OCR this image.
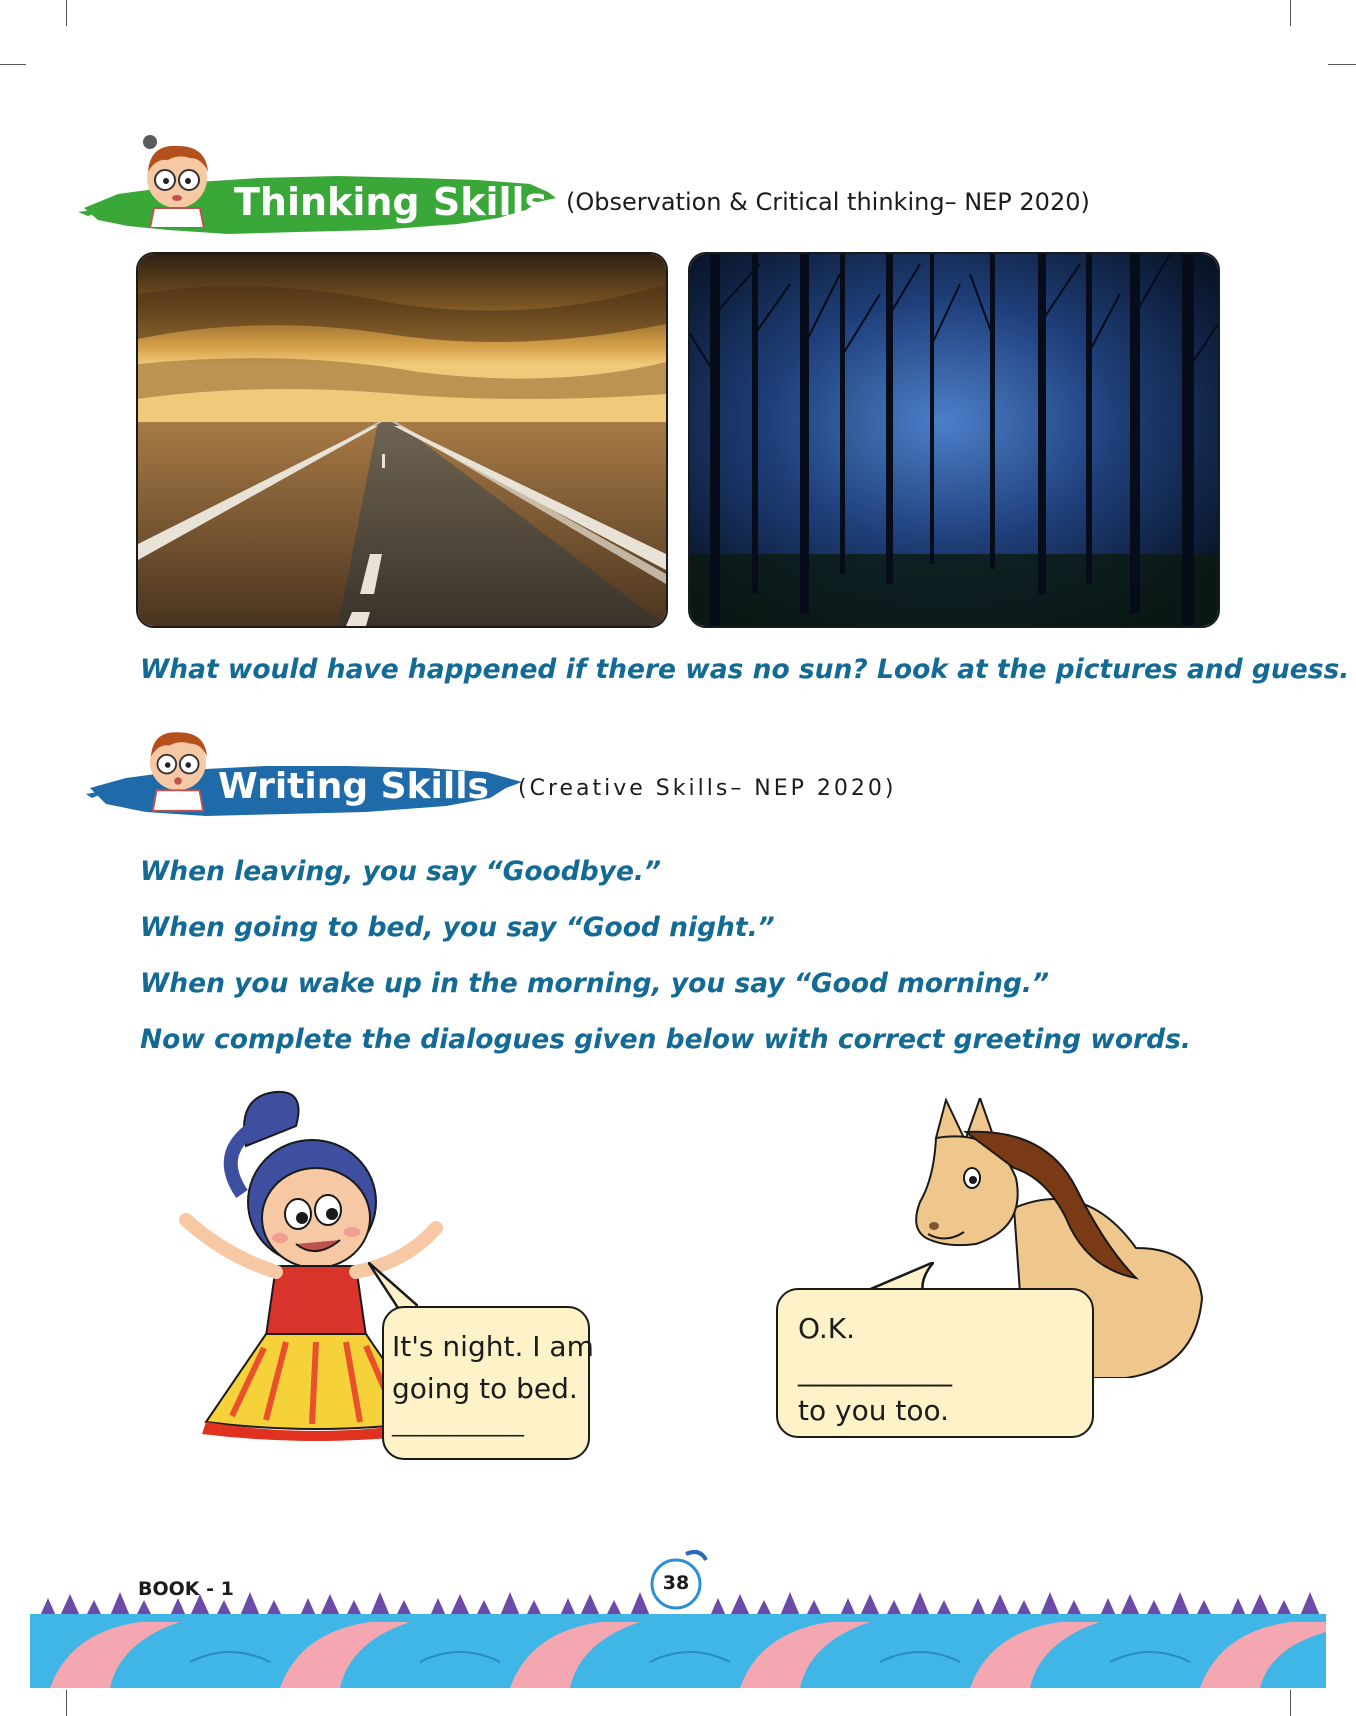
Thinking Skills (Observation & Critical thinking– NEP 2020)
What would have happened if there was no sun? Look at the pictures and guess.
Writing Skills (Creative Skills– NEP 2020)
When leaving, you say “Goodbye.”
When going to bed, you say “Good night.”
When you wake up in the morning, you say “Good morning.”
Now complete the dialogues given below with correct greeting words.
It's night. I am
going to bed.
____________
O.K.
___________
to you too.
BOOK - 1	38
